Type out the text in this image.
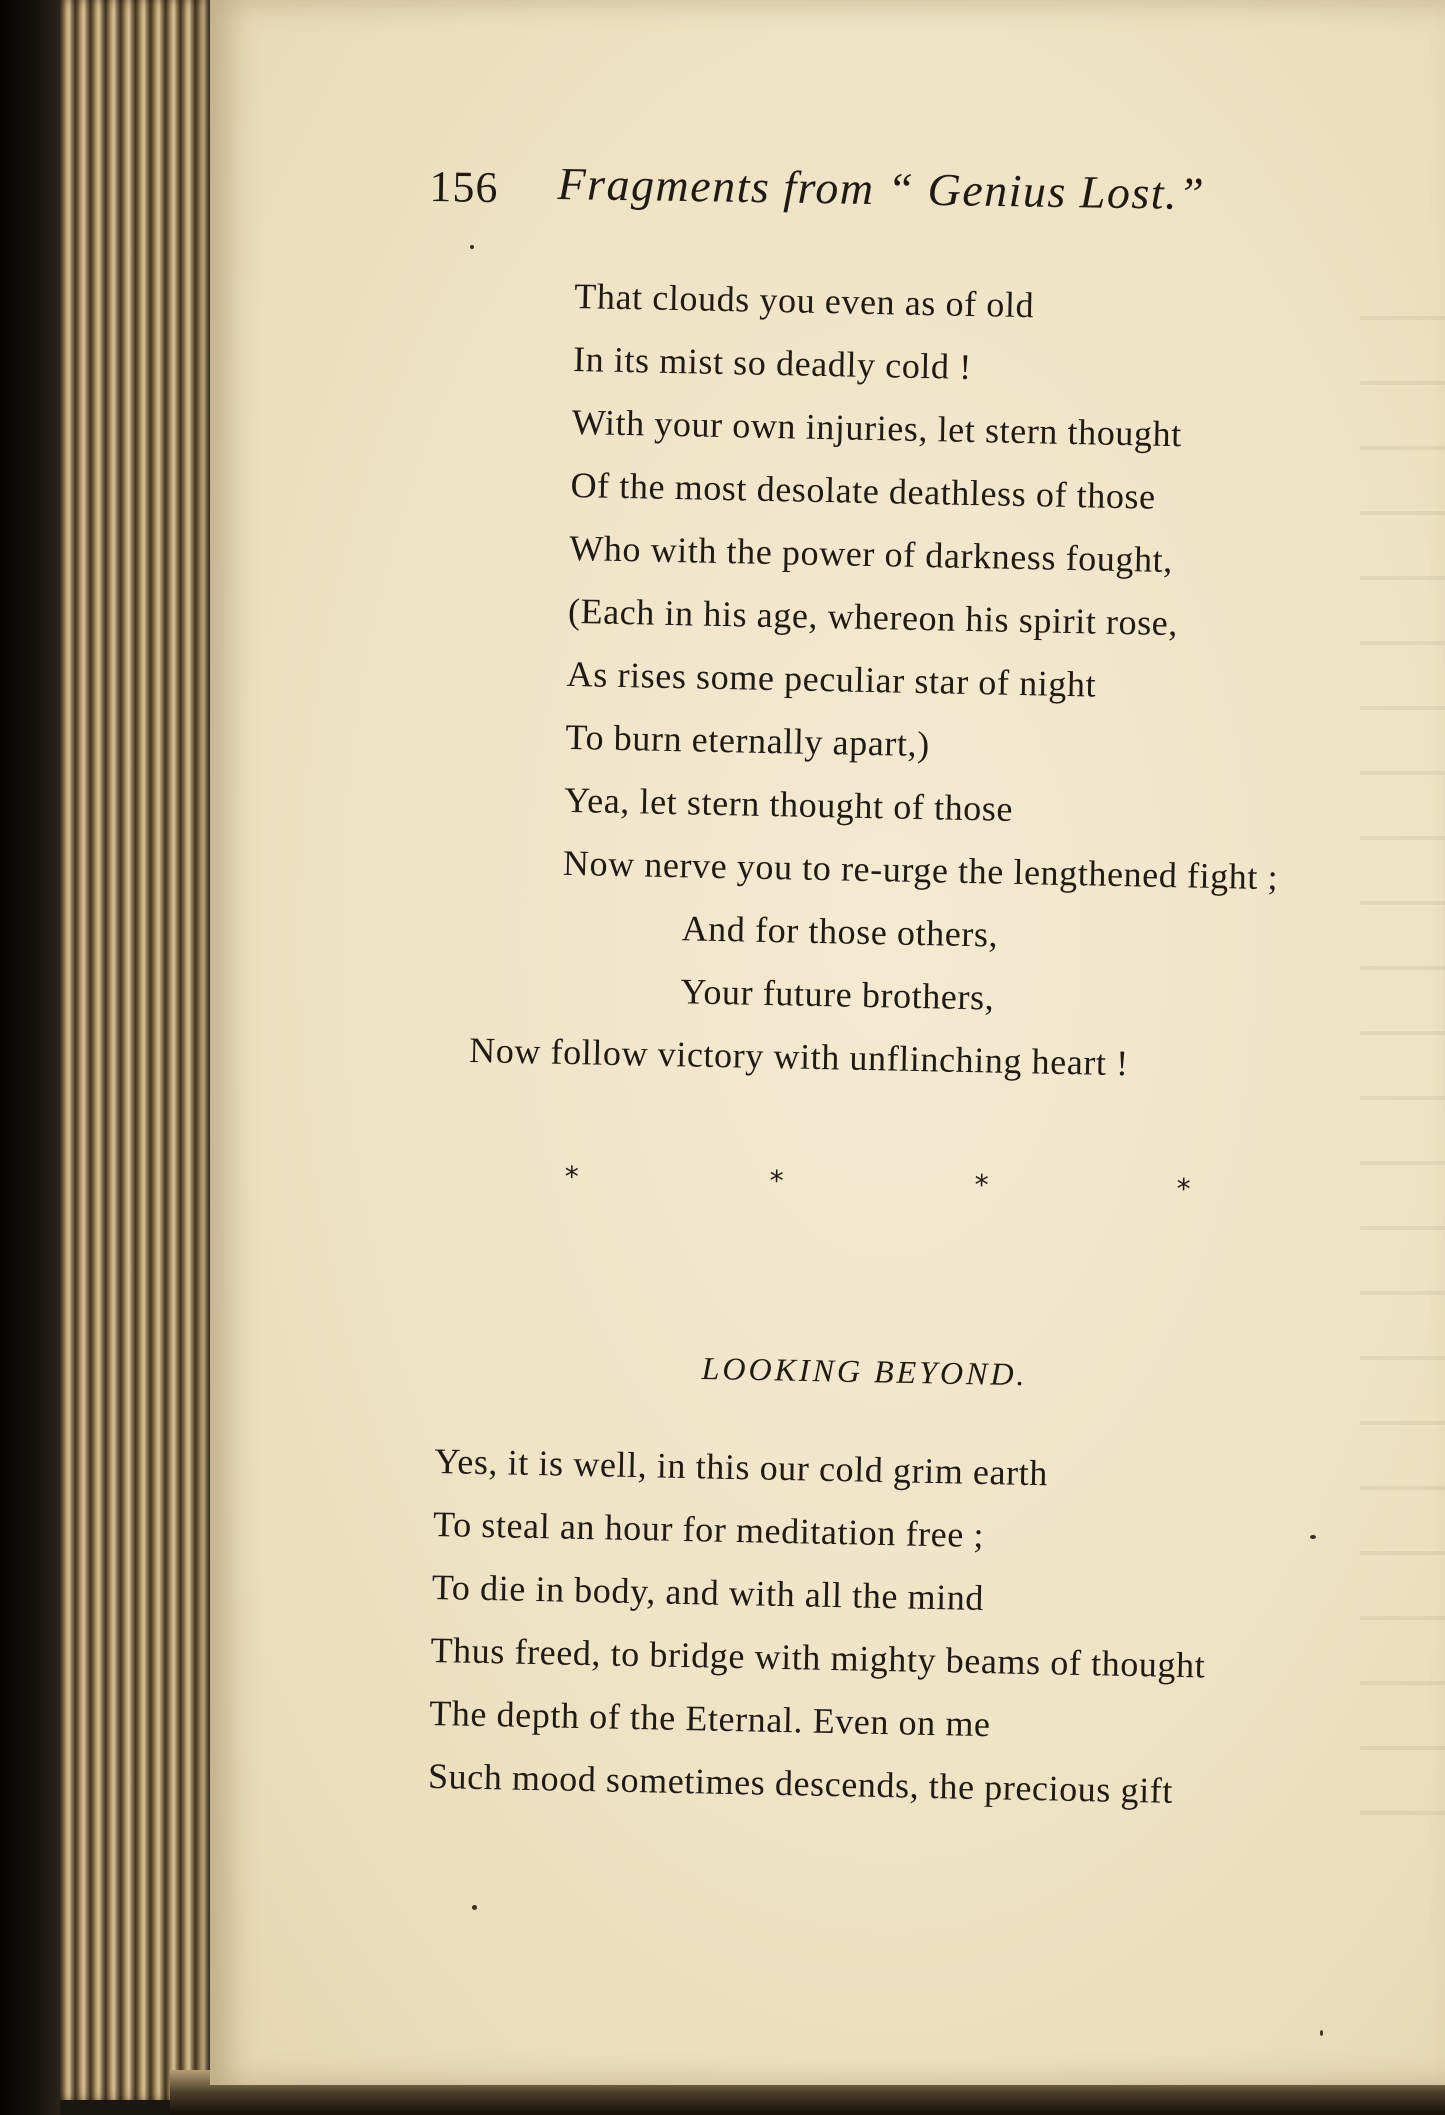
156 Fragments from “ Genius Lost.”
That clouds you even as of old
In its mist so deadly cold !
With your own injuries, let stern thought
Of the most desolate deathless of those
Who with the power of darkness fought,
(Each in his age, whereon his spirit rose,
As rises some peculiar star of night
To burn eternally apart,)
Yea, let stern thought of those
Now nerve you to re-urge the lengthened fight ;
And for those others,
Your future brothers,
Now follow victory with unflinching heart !
*	*	*	*
LOOKING BEYOND.
Yes, it is well, in this our cold grim earth
To steal an hour for meditation free ;
To die in body, and with all the mind
Thus freed, to bridge with mighty beams of thought
The depth of the Eternal. Even on me
Such mood sometimes descends, the precious gift
